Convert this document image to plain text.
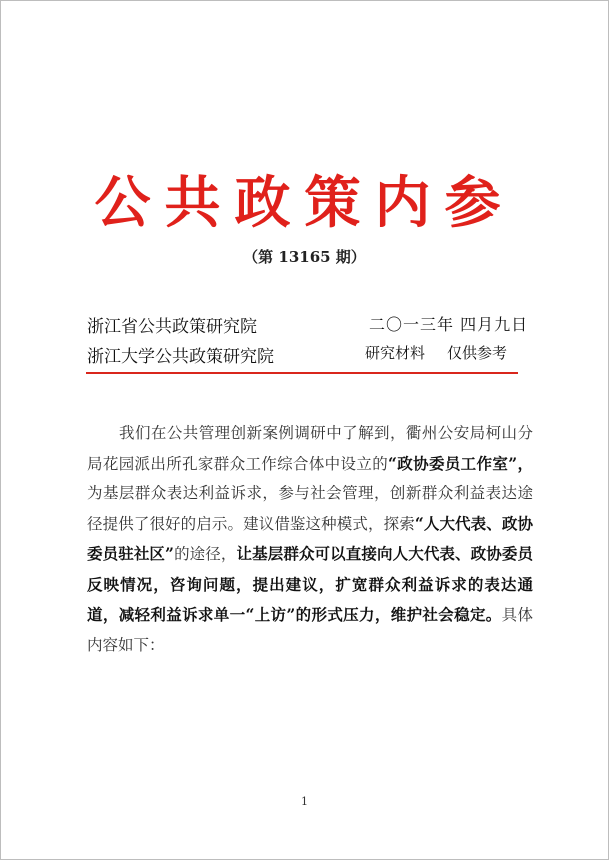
公共政策内参
（第 13165 期）
浙江省公共政策研究院	二〇一三年 四月九日
浙江大学公共政策研究院	研究材料 仅供参考
我们在公共管理创新案例调研中了解到，衢州公安局柯山分局花园派出所孔家群众工作综合体中设立的“政协委员工作室”，为基层群众表达利益诉求，参与社会管理，创新群众利益表达途径提供了很好的启示。建议借鉴这种模式，探索“人大代表、政协委员驻社区”的途径，让基层群众可以直接向人大代表、政协委员反映情况，咨询问题，提出建议，扩宽群众利益诉求的表达通道，减轻利益诉求单一“上访”的形式压力，维护社会稳定。具体内容如下：
1
